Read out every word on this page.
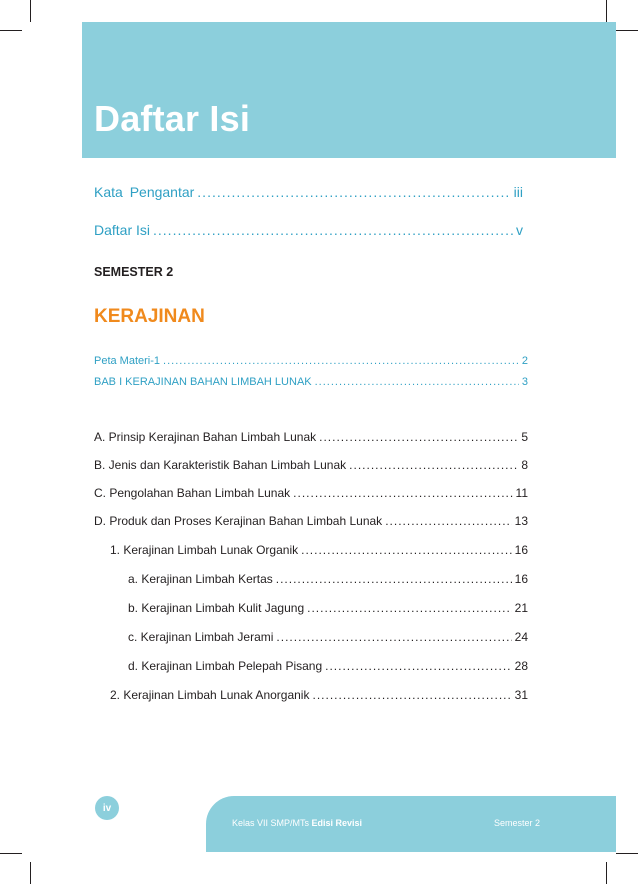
Daftar Isi
Kata Pengantar .....	iii
Daftar Isi .....	v
SEMESTER 2
KERAJINAN
Peta Materi-1 .....	2
BAB I KERAJINAN BAHAN LIMBAH LUNAK .....	3
A. Prinsip Kerajinan Bahan Limbah Lunak .....	5
B. Jenis dan Karakteristik Bahan Limbah Lunak .....	8
C. Pengolahan Bahan Limbah Lunak .....	11
D. Produk dan Proses Kerajinan Bahan Limbah Lunak .....	13
1. Kerajinan Limbah Lunak Organik .....	16
a. Kerajinan Limbah Kertas .....	16
b. Kerajinan Limbah Kulit Jagung .....	21
c. Kerajinan Limbah Jerami .....	24
d. Kerajinan Limbah Pelepah Pisang .....	28
2. Kerajinan Limbah Lunak Anorganik .....	31
iv
Kelas VII SMP/MTs Edisi Revisi	Semester 2
